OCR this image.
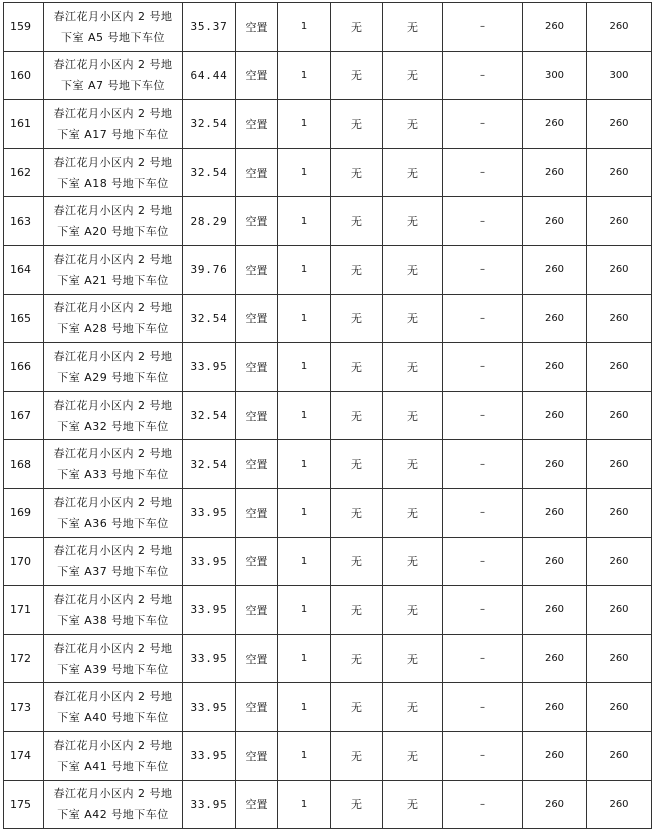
159	春江花月小区内 2 号地
下室 A5 号地下车位	35.37	空置	1	无	无	–	260	260
160	春江花月小区内 2 号地
下室 A7 号地下车位	64.44	空置	1	无	无	–	300	300
161	春江花月小区内 2 号地
下室 A17 号地下车位	32.54	空置	1	无	无	–	260	260
162	春江花月小区内 2 号地
下室 A18 号地下车位	32.54	空置	1	无	无	–	260	260
163	春江花月小区内 2 号地
下室 A20 号地下车位	28.29	空置	1	无	无	–	260	260
164	春江花月小区内 2 号地
下室 A21 号地下车位	39.76	空置	1	无	无	–	260	260
165	春江花月小区内 2 号地
下室 A28 号地下车位	32.54	空置	1	无	无	–	260	260
166	春江花月小区内 2 号地
下室 A29 号地下车位	33.95	空置	1	无	无	–	260	260
167	春江花月小区内 2 号地
下室 A32 号地下车位	32.54	空置	1	无	无	–	260	260
168	春江花月小区内 2 号地
下室 A33 号地下车位	32.54	空置	1	无	无	–	260	260
169	春江花月小区内 2 号地
下室 A36 号地下车位	33.95	空置	1	无	无	–	260	260
170	春江花月小区内 2 号地
下室 A37 号地下车位	33.95	空置	1	无	无	–	260	260
171	春江花月小区内 2 号地
下室 A38 号地下车位	33.95	空置	1	无	无	–	260	260
172	春江花月小区内 2 号地
下室 A39 号地下车位	33.95	空置	1	无	无	–	260	260
173	春江花月小区内 2 号地
下室 A40 号地下车位	33.95	空置	1	无	无	–	260	260
174	春江花月小区内 2 号地
下室 A41 号地下车位	33.95	空置	1	无	无	–	260	260
175	春江花月小区内 2 号地
下室 A42 号地下车位	33.95	空置	1	无	无	–	260	260
